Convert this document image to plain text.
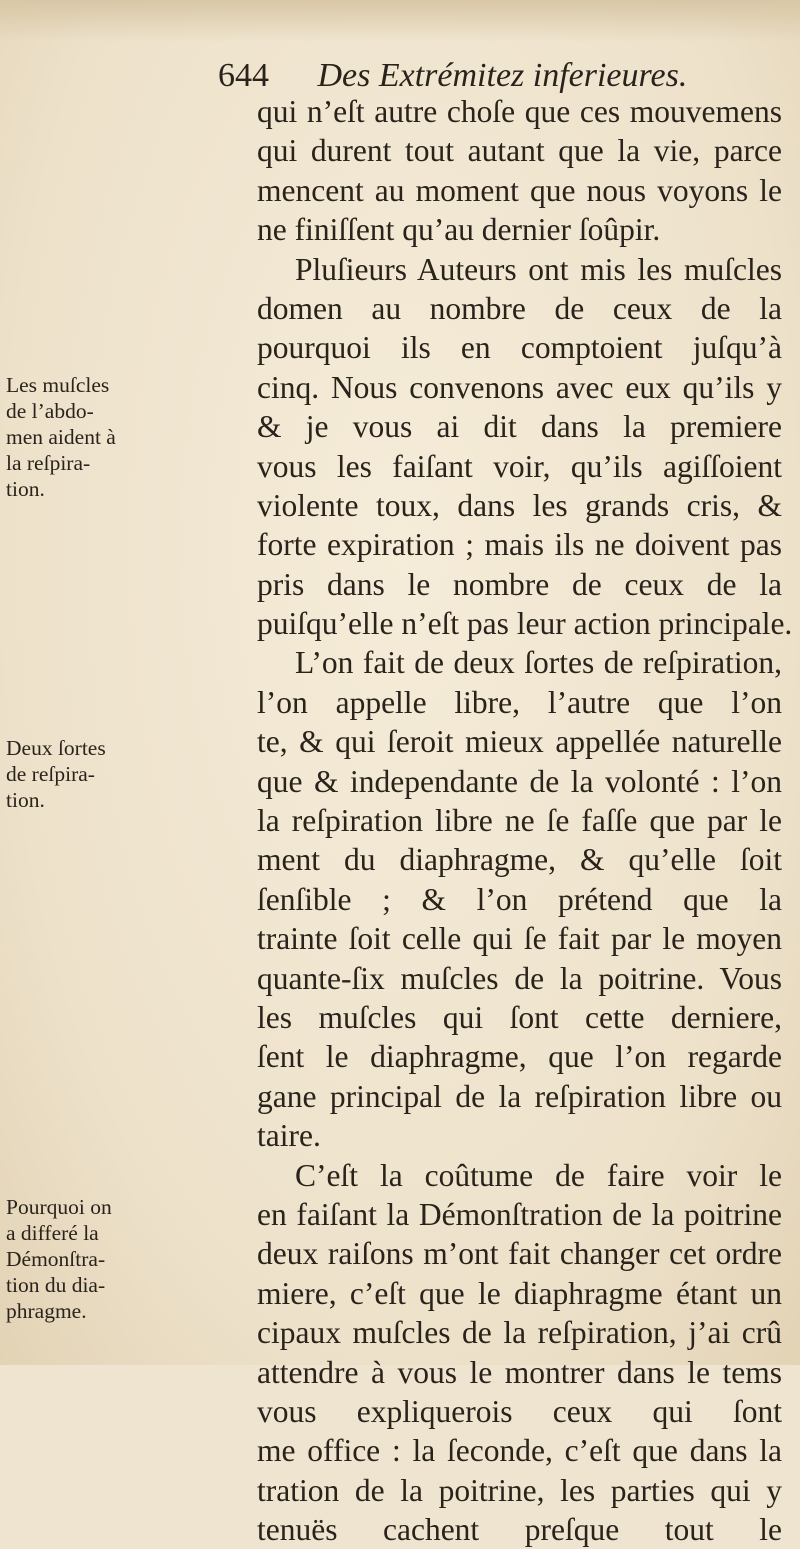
644 Des Extrémitez inferieures.
Les muſcles
de l’abdo-
men aident à
la reſpira-
tion.
Deux ſortes
de reſpira-
tion.
Pourquoi on
a differé la
Démonſtra-
tion du dia-
phragme.
qui n’eſt autre choſe que ces mouvemens
qui durent tout autant que la vie, parce
mencent au moment que nous voyons le
ne finiſſent qu’au dernier ſoûpir.
Pluſieurs Auteurs ont mis les muſcles
domen au nombre de ceux de la
pourquoi ils en comptoient juſqu’à
cinq. Nous convenons avec eux qu’ils y
& je vous ai dit dans la premiere
vous les faiſant voir, qu’ils agiſſoient
violente toux, dans les grands cris, &
forte expiration ; mais ils ne doivent pas
pris dans le nombre de ceux de la
puiſqu’elle n’eſt pas leur action principale.
L’on fait de deux ſortes de reſpiration,
l’on appelle libre, l’autre que l’on
te, & qui ſeroit mieux appellée naturelle
que & independante de la volonté : l’on
la reſpiration libre ne ſe faſſe que par le
ment du diaphragme, & qu’elle ſoit
ſenſible ; & l’on prétend que la
trainte ſoit celle qui ſe fait par le moyen
quante-ſix muſcles de la poitrine. Vous
les muſcles qui ſont cette derniere,
ſent le diaphragme, que l’on regarde
gane principal de la reſpiration libre ou
taire.
C’eſt la coûtume de faire voir le
en faiſant la Démonſtration de la poitrine
deux raiſons m’ont fait changer cet ordre
miere, c’eſt que le diaphragme étant un
cipaux muſcles de la reſpiration, j’ai crû
attendre à vous le montrer dans le tems
vous expliquerois ceux qui ſont
me office : la ſeconde, c’eſt que dans la
tration de la poitrine, les parties qui y
tenuës cachent preſque tout le
